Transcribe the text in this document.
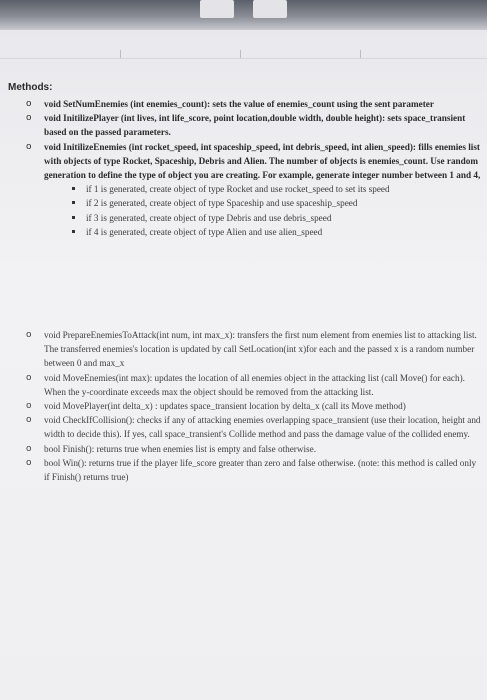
Methods:
o void SetNumEnemies (int enemies_count): sets the value of enemies_count using the sent parameter
o void InitilizePlayer (int lives, int life_score, point location,double width, double height): sets space_transient based on the passed parameters.
o void InitilizeEnemies (int rocket_speed, int spaceship_speed, int debris_speed, int alien_speed): fills enemies list with objects of type Rocket, Spaceship, Debris and Alien. The number of objects is enemies_count. Use random generation to define the type of object you are creating. For example, generate integer number between 1 and 4,
if 1 is generated, create object of type Rocket and use rocket_speed to set its speed
if 2 is generated, create object of type Spaceship and use spaceship_speed
if 3 is generated, create object of type Debris and use debris_speed
if 4 is generated, create object of type Alien and use alien_speed
o void PrepareEnemiesToAttack(int num, int max_x): transfers the first num element from enemies list to attacking list. The transferred enemies's location is updated by call SetLocation(int x)for each and the passed x is a random number between 0 and max_x
o void MoveEnemies(int max): updates the location of all enemies object in the attacking list (call Move() for each). When the y-coordinate exceeds max the object should be removed from the attacking list.
o void MovePlayer(int delta_x) : updates space_transient location by delta_x (call its Move method)
o void CheckIfCollision(): checks if any of attacking enemies overlapping space_transient (use their location, height and width to decide this). If yes, call space_transient's Collide method and pass the damage value of the collided enemy.
o bool Finish(): returns true when enemies list is empty and false otherwise.
o bool Win(): returns true if the player life_score greater than zero and false otherwise. (note: this method is called only if Finish() returns true)
